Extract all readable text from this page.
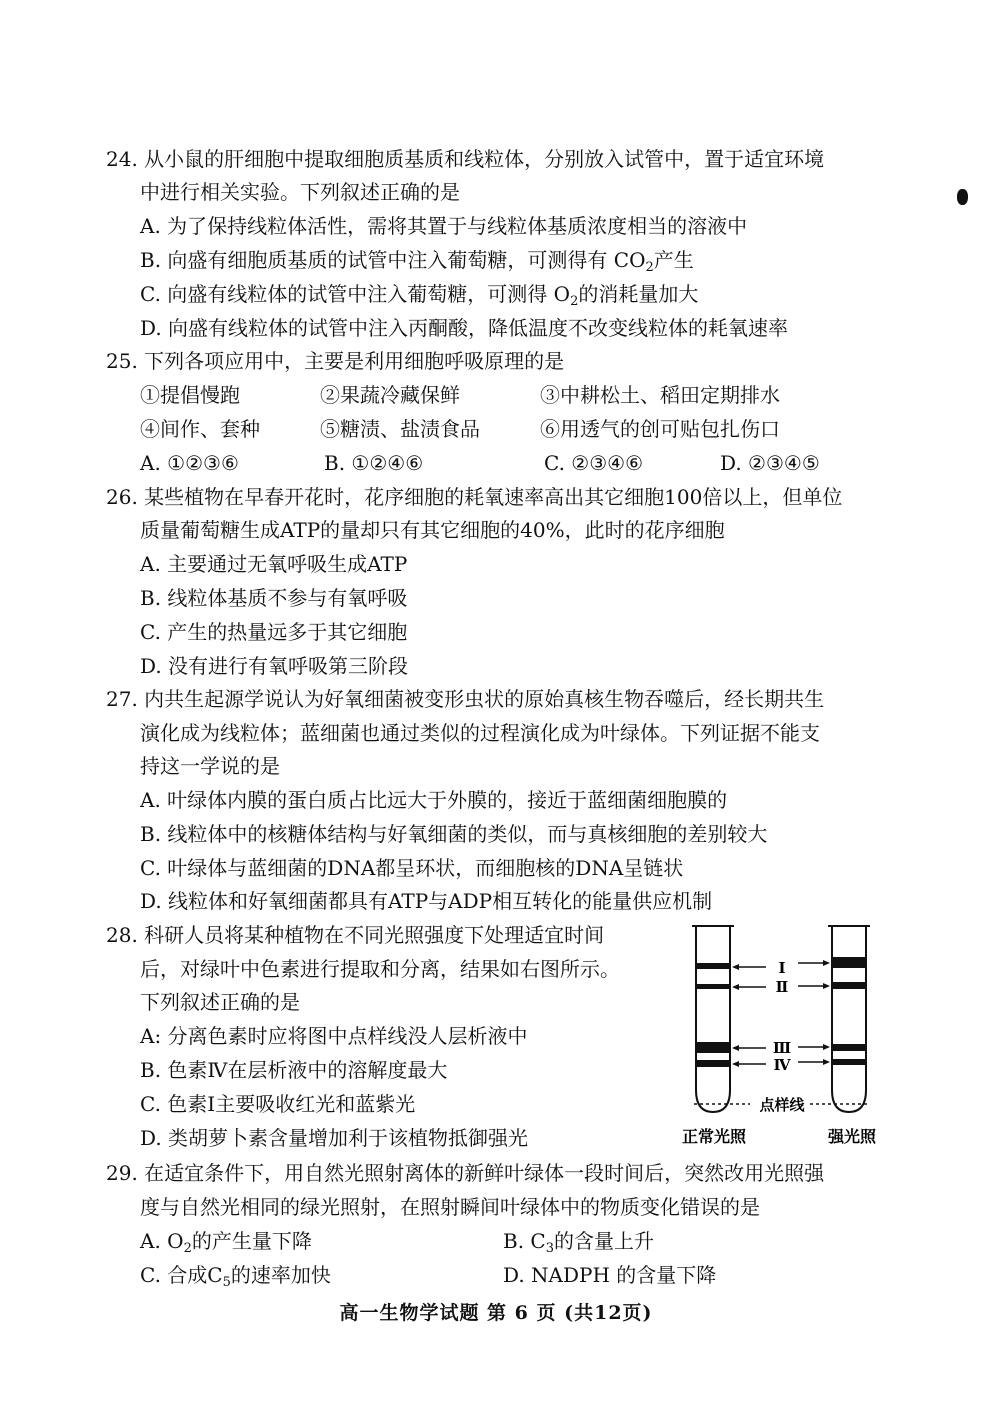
24. 从小鼠的肝细胞中提取细胞质基质和线粒体，分别放入试管中，置于适宜环境
中进行相关实验。下列叙述正确的是
A. 为了保持线粒体活性，需将其置于与线粒体基质浓度相当的溶液中
B. 向盛有细胞质基质的试管中注入葡萄糖，可测得有 $CO_2$产生
C. 向盛有线粒体的试管中注入葡萄糖，可测得 $O_2$的消耗量加大
D. 向盛有线粒体的试管中注入丙酮酸，降低温度不改变线粒体的耗氧速率
25. 下列各项应用中，主要是利用细胞呼吸原理的是
①提倡慢跑	②果蔬冷藏保鲜	③中耕松土、稻田定期排水
④间作、套种	⑤糖渍、盐渍食品	⑥用透气的创可贴包扎伤口
A. ①②③⑥	B. ①②④⑥	C. ②③④⑥	D. ②③④⑤
26. 某些植物在早春开花时，花序细胞的耗氧速率高出其它细胞100倍以上，但单位
质量葡萄糖生成ATP的量却只有其它细胞的40%，此时的花序细胞
A. 主要通过无氧呼吸生成ATP
B. 线粒体基质不参与有氧呼吸
C. 产生的热量远多于其它细胞
D. 没有进行有氧呼吸第三阶段
27. 内共生起源学说认为好氧细菌被变形虫状的原始真核生物吞噬后，经长期共生
演化成为线粒体；蓝细菌也通过类似的过程演化成为叶绿体。下列证据不能支
持这一学说的是
A. 叶绿体内膜的蛋白质占比远大于外膜的，接近于蓝细菌细胞膜的
B. 线粒体中的核糖体结构与好氧细菌的类似，而与真核细胞的差别较大
C. 叶绿体与蓝细菌的DNA都呈环状，而细胞核的DNA呈链状
D. 线粒体和好氧细菌都具有ATP与ADP相互转化的能量供应机制
28. 科研人员将某种植物在不同光照强度下处理适宜时间
后，对绿叶中色素进行提取和分离，结果如右图所示。
下列叙述正确的是
A: 分离色素时应将图中点样线没人层析液中
B. 色素Ⅳ在层析液中的溶解度最大
C. 色素Ⅰ主要吸收红光和蓝紫光
D. 类胡萝卜素含量增加利于该植物抵御强光
Ⅰ
Ⅱ
Ⅲ
Ⅳ
点样线
正常光照	强光照
29. 在适宜条件下，用自然光照射离体的新鲜叶绿体一段时间后，突然改用光照强
度与自然光相同的绿光照射，在照射瞬间叶绿体中的物质变化错误的是
A. $O_2$的产生量下降	B. $C_3$的含量上升
C. 合成$C_5$的速率加快	D. NADPH 的含量下降
高一生物学试题 第 6 页 (共12页)
